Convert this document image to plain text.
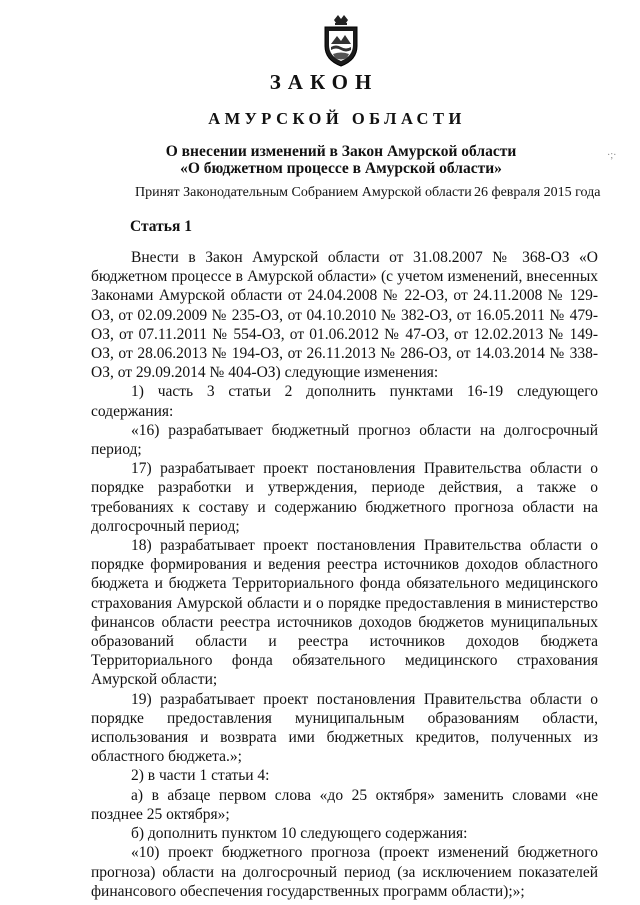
ЗАКОН
АМУРСКОЙ ОБЛАСТИ
О внесении изменений в Закон Амурской области
«О бюджетном процессе в Амурской области»
·;·
Принят Законодательным Собранием Амурской области 26 февраля 2015 года
Статья 1

Внести в Закон Амурской области от 31.08.2007 № 368-ОЗ «О бюджетном процессе в Амурской области» (с учетом изменений, внесенных Законами Амурской области от 24.04.2008 № 22-ОЗ, от 24.11.2008 № 129-ОЗ, от 02.09.2009 № 235-ОЗ, от 04.10.2010 № 382-ОЗ, от 16.05.2011 № 479-ОЗ, от 07.11.2011 № 554-ОЗ, от 01.06.2012 № 47-ОЗ, от 12.02.2013 № 149-ОЗ, от 28.06.2013 № 194-ОЗ, от 26.11.2013 № 286-ОЗ, от 14.03.2014 № 338-ОЗ, от 29.09.2014 № 404-ОЗ) следующие изменения:

1) часть 3 статьи 2 дополнить пунктами 16-19 следующего содержания:

«16) разрабатывает бюджетный прогноз области на долгосрочный период;

17) разрабатывает проект постановления Правительства области о порядке разработки и утверждения, периоде действия, а также о требованиях к составу и содержанию бюджетного прогноза области на долгосрочный период;

18) разрабатывает проект постановления Правительства области о порядке формирования и ведения реестра источников доходов областного бюджета и бюджета Территориального фонда обязательного медицинского страхования Амурской области и о порядке предоставления в министерство финансов области реестра источников доходов бюджетов муниципальных образований области и реестра источников доходов бюджета Территориального фонда обязательного медицинского страхования Амурской области;

19) разрабатывает проект постановления Правительства области о порядке предоставления муниципальным образованиям области, использования и возврата ими бюджетных кредитов, полученных из областного бюджета.»;

2) в части 1 статьи 4:

а) в абзаце первом слова «до 25 октября» заменить словами «не позднее 25 октября»;

б) дополнить пунктом 10 следующего содержания:

«10) проект бюджетного прогноза (проект изменений бюджетного прогноза) области на долгосрочный период (за исключением показателей финансового обеспечения государственных программ области);»;
